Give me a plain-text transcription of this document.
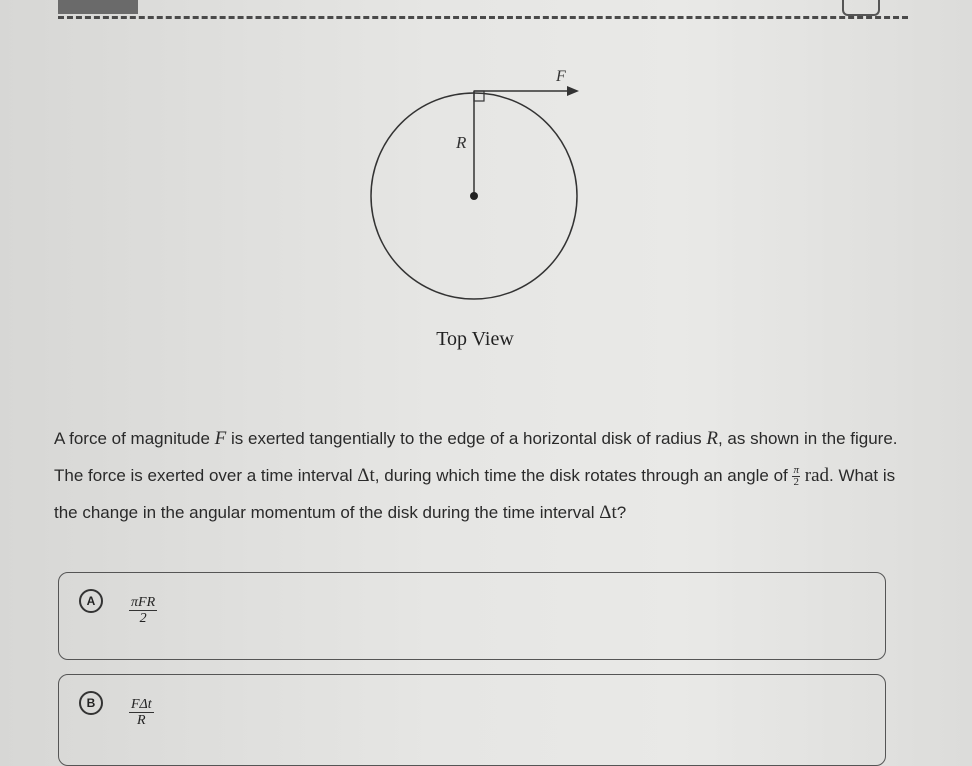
F
R
Top View
A force of magnitude F is exerted tangentially to the edge of a horizontal disk of radius R, as shown in the figure. The force is exerted over a time interval Δt, during which time the disk rotates through an angle of $\frac{\pi}{2}$ rad. What is the change in the angular momentum of the disk during the time interval Δt?
A	πFR
2
B	FΔt
R
